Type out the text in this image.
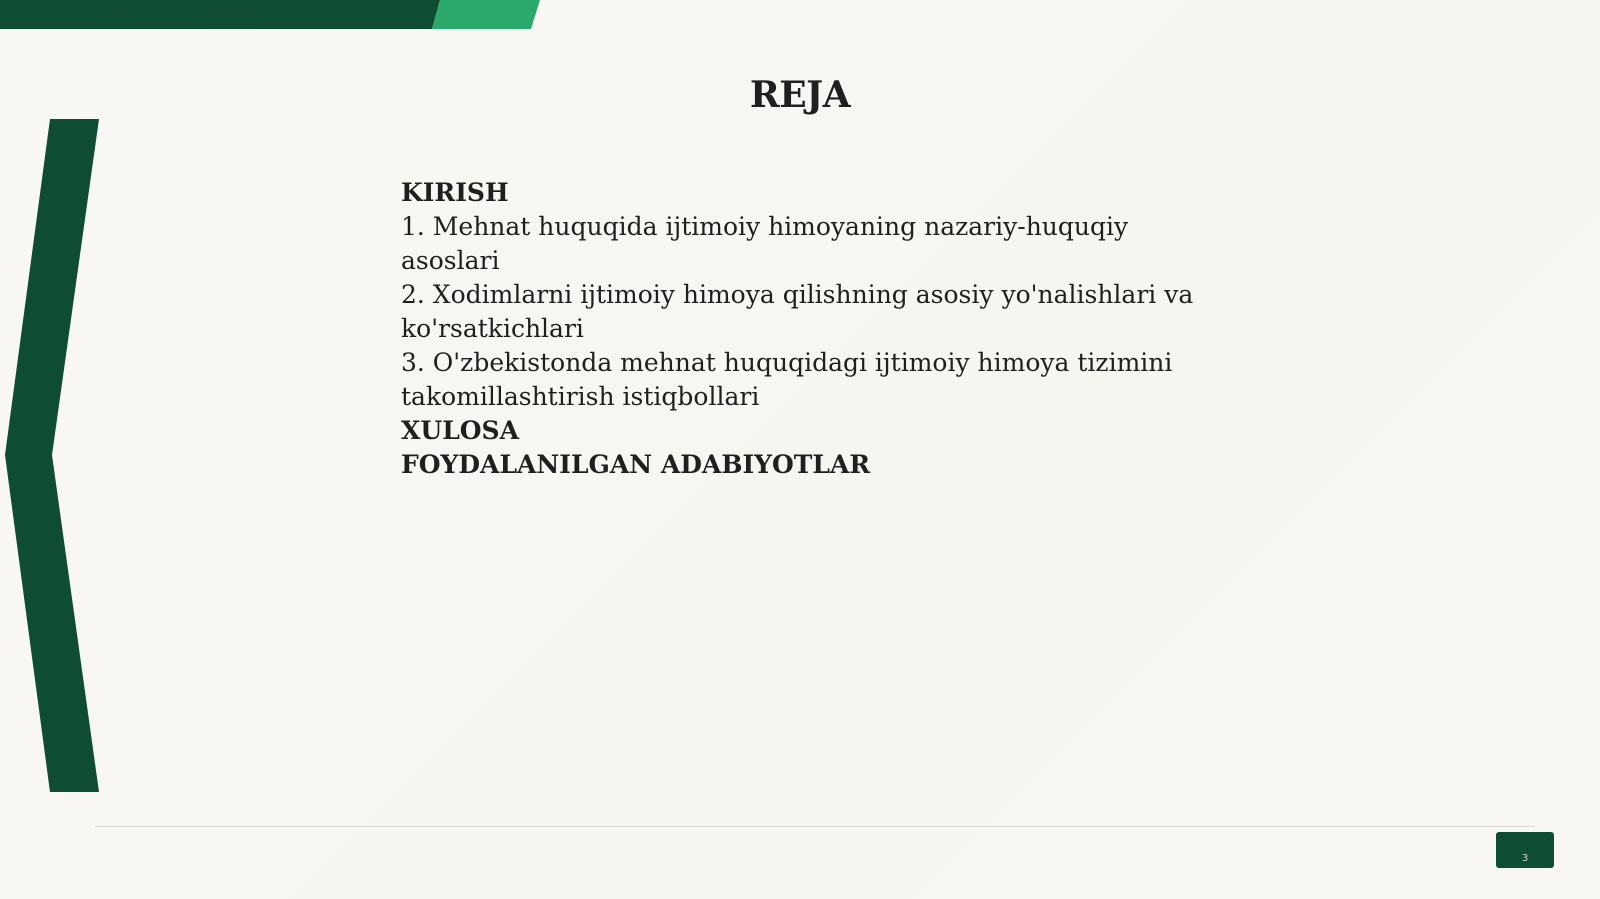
REJA
KIRISH
1. Mehnat huquqida ijtimoiy himoyaning nazariy-huquqiy asoslari
2. Xodimlarni ijtimoiy himoya qilishning asosiy yo'nalishlari va ko'rsatkichlari
3. O'zbekistonda mehnat huquqidagi ijtimoiy himoya tizimini takomillashtirish istiqbollari
XULOSA
FOYDALANILGAN ADABIYOTLAR
3
